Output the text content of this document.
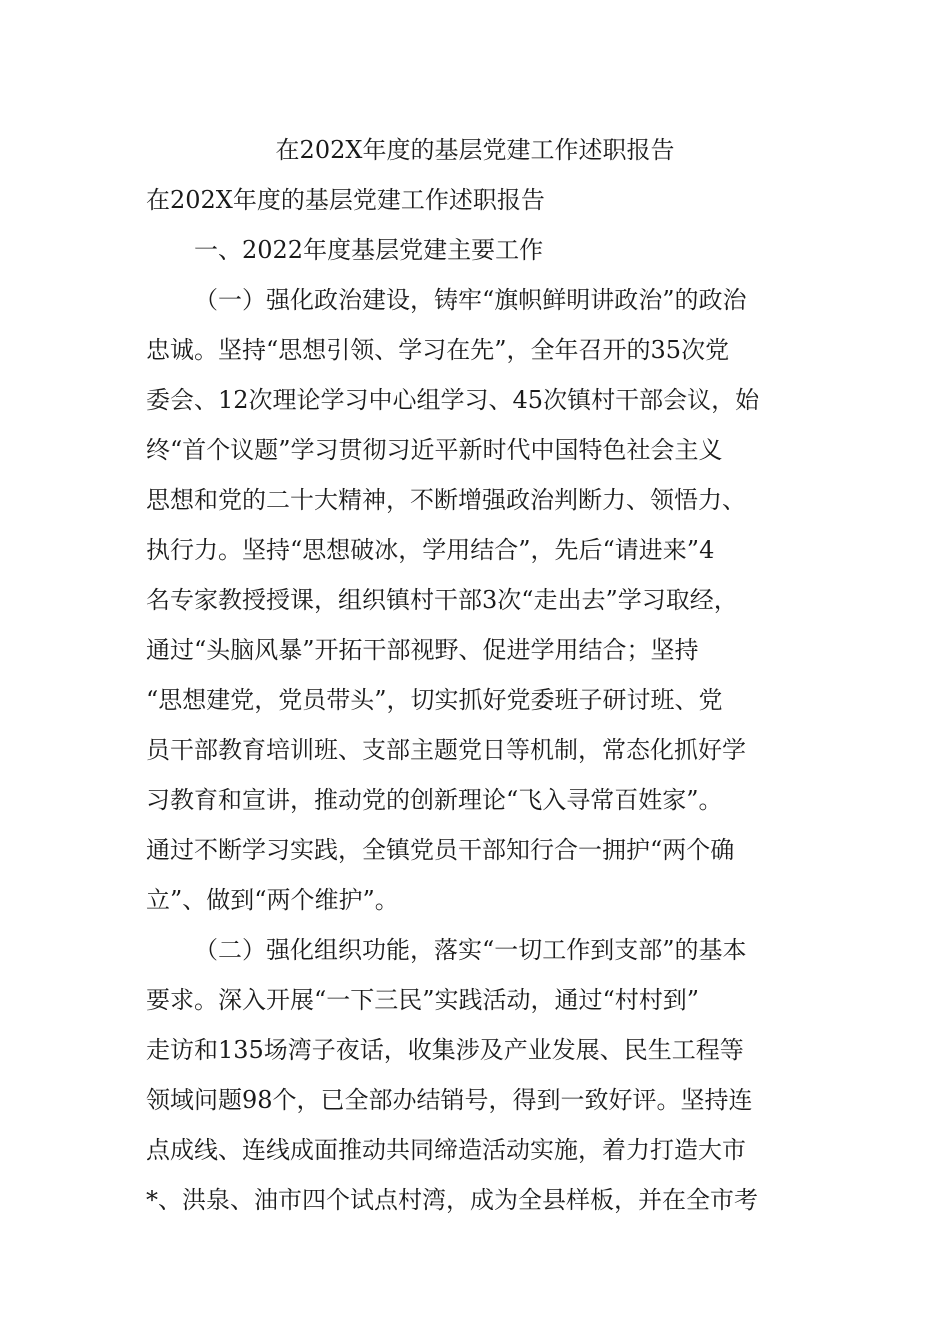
在202X年度的基层党建工作述职报告
在202X年度的基层党建工作述职报告
一、2022年度基层党建主要工作
（一）强化政治建设，铸牢“旗帜鲜明讲政治”的政治
忠诚。坚持“思想引领、学习在先”，全年召开的35次党
委会、12次理论学习中心组学习、45次镇村干部会议，始
终“首个议题”学习贯彻习近平新时代中国特色社会主义
思想和党的二十大精神，不断增强政治判断力、领悟力、
执行力。坚持“思想破冰，学用结合”，先后“请进来”4
名专家教授授课，组织镇村干部3次“走出去”学习取经，
通过“头脑风暴”开拓干部视野、促进学用结合；坚持
“思想建党，党员带头”，切实抓好党委班子研讨班、党
员干部教育培训班、支部主题党日等机制，常态化抓好学
习教育和宣讲，推动党的创新理论“飞入寻常百姓家”。
通过不断学习实践，全镇党员干部知行合一拥护“两个确
立”、做到“两个维护”。
（二）强化组织功能，落实“一切工作到支部”的基本
要求。深入开展“一下三民”实践活动，通过“村村到”
走访和135场湾子夜话，收集涉及产业发展、民生工程等
领域问题98个，已全部办结销号，得到一致好评。坚持连
点成线、连线成面推动共同缔造活动实施，着力打造大市
*、洪泉、油市四个试点村湾，成为全县样板，并在全市考
